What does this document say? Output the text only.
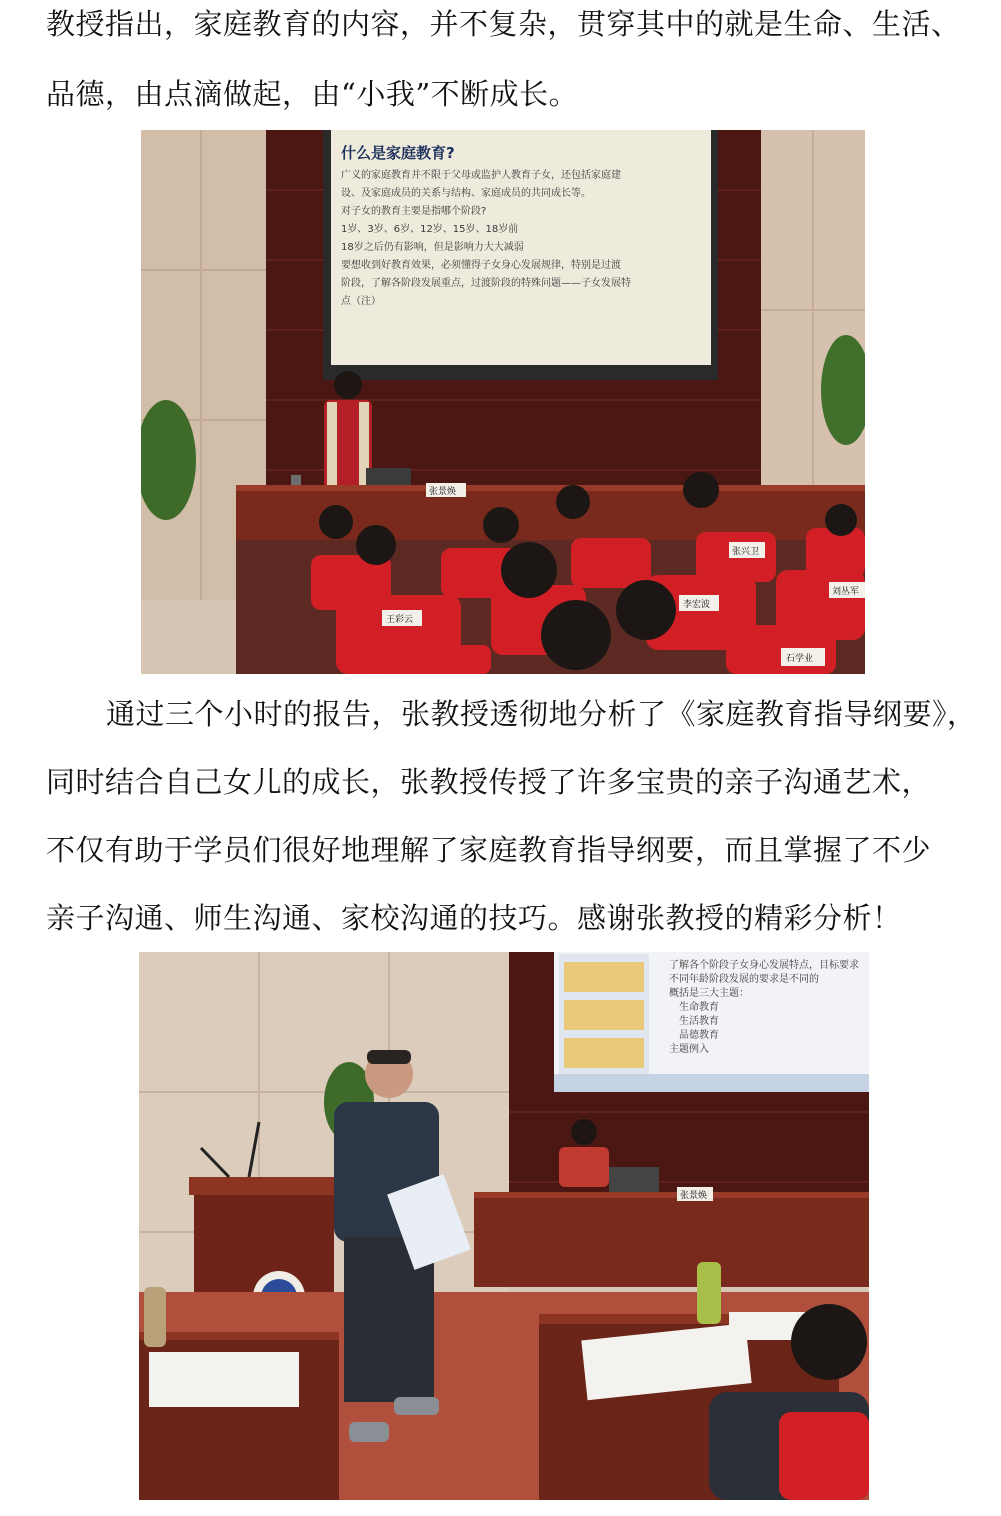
教授指出，家庭教育的内容，并不复杂，贯穿其中的就是生命、生活、
品德，由点滴做起，由“小我”不断成长。
什么是家庭教育?
广义的家庭教育并不限于父母或监护人教育子女，还包括家庭建
设、及家庭成员的关系与结构、家庭成员的共同成长等。
对子女的教育主要是指哪个阶段?
1岁、3岁、6岁、12岁、15岁、18岁前
18岁之后仍有影响，但是影响力大大减弱
要想收到好教育效果，必须懂得子女身心发展规律，特别是过渡
阶段，了解各阶段发展重点，过渡阶段的特殊问题——子女发展特
点（注）
张景焕
张兴卫
刘丛军
王彩云
李宏波
石学业
通过三个小时的报告，张教授透彻地分析了《家庭教育指导纲要》，
同时结合自己女儿的成长，张教授传授了许多宝贵的亲子沟通艺术，
不仅有助于学员们很好地理解了家庭教育指导纲要，而且掌握了不少
亲子沟通、师生沟通、家校沟通的技巧。感谢张教授的精彩分析！
了解各个阶段子女身心发展特点，目标要求
不同年龄阶段发展的要求是不同的
概括是三大主题：
生命教育
生活教育
品德教育
主题例入
张景焕
